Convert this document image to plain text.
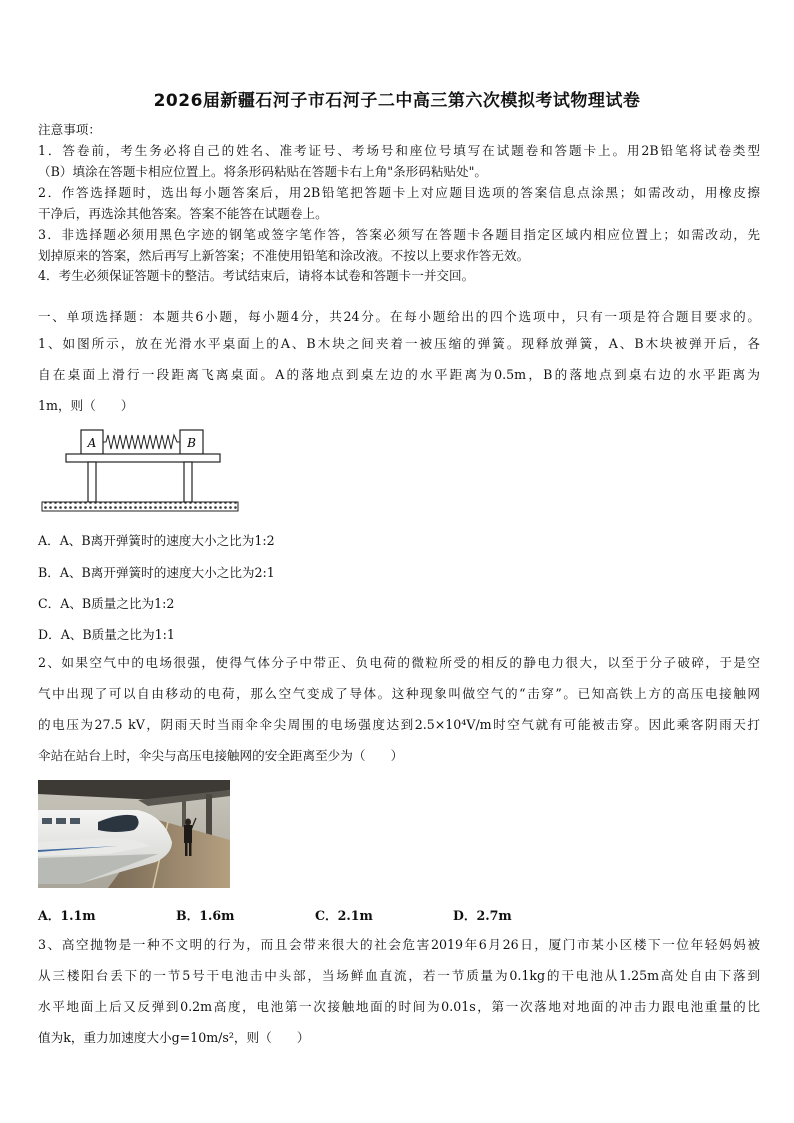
2026届新疆石河子市石河子二中高三第六次模拟考试物理试卷
注意事项：
1．答卷前，考生务必将自己的姓名、准考证号、考场号和座位号填写在试题卷和答题卡上。用2B铅笔将试卷类型
（B）填涂在答题卡相应位置上。将条形码粘贴在答题卡右上角"条形码粘贴处"。
2．作答选择题时，选出每小题答案后，用2B铅笔把答题卡上对应题目选项的答案信息点涂黑；如需改动，用橡皮擦
干净后，再选涂其他答案。答案不能答在试题卷上。
3．非选择题必须用黑色字迹的钢笔或签字笔作答，答案必须写在答题卡各题目指定区域内相应位置上；如需改动，先
划掉原来的答案，然后再写上新答案；不准使用铅笔和涂改液。不按以上要求作答无效。
4．考生必须保证答题卡的整洁。考试结束后，请将本试卷和答题卡一并交回。
一、单项选择题：本题共6小题，每小题4分，共24分。在每小题给出的四个选项中，只有一项是符合题目要求的。
1、如图所示，放在光滑水平桌面上的A、B木块之间夹着一被压缩的弹簧。现释放弹簧，A、B木块被弹开后，各
自在桌面上滑行一段距离飞离桌面。A的落地点到桌左边的水平距离为0.5m，B的落地点到桌右边的水平距离为
1m，则（　　）
A	B
A．A、B离开弹簧时的速度大小之比为1:2
B．A、B离开弹簧时的速度大小之比为2:1
C．A、B质量之比为1:2
D．A、B质量之比为1:1
2、如果空气中的电场很强，使得气体分子中带正、负电荷的微粒所受的相反的静电力很大，以至于分子破碎，于是空
气中出现了可以自由移动的电荷，那么空气变成了导体。这种现象叫做空气的“击穿”。已知高铁上方的高压电接触网
的电压为27.5 kV，阴雨天时当雨伞伞尖周围的电场强度达到2.5×10⁴V/m时空气就有可能被击穿。因此乘客阴雨天打
伞站在站台上时，伞尖与高压电接触网的安全距离至少为（　　）
A．1.1m	B．1.6m	C．2.1m	D．2.7m
3、高空抛物是一种不文明的行为，而且会带来很大的社会危害2019年6月26日，厦门市某小区楼下一位年轻妈妈被
从三楼阳台丢下的一节5号干电池击中头部，当场鲜血直流，若一节质量为0.1kg的干电池从1.25m高处自由下落到
水平地面上后又反弹到0.2m高度，电池第一次接触地面的时间为0.01s，第一次落地对地面的冲击力跟电池重量的比
值为k，重力加速度大小g=10m/s²，则（　　）
